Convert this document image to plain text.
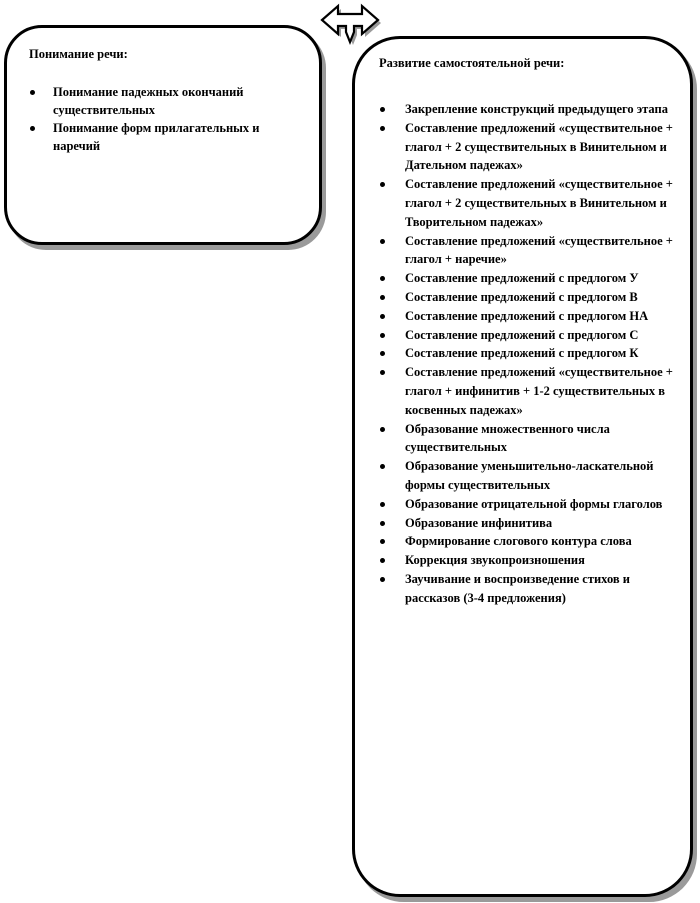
Понимание речи:
Понимание падежных окончаний существительных
Понимание форм прилагательных и наречий
Развитие самостоятельной речи:
Закрепление конструкций предыдущего этапа
Составление предложений «существительное + глагол + 2 существительных в Винительном и Дательном падежах»
Составление предложений «существительное + глагол + 2 существительных в Винительном и Творительном падежах»
Составление предложений «существительное + глагол + наречие»
Составление предложений с предлогом У
Составление предложений с предлогом В
Составление предложений с предлогом НА
Составление предложений с предлогом С
Составление предложений с предлогом К
Составление предложений «существительное + глагол + инфинитив + 1-2 существительных в косвенных падежах»
Образование множественного числа существительных
Образование уменьшительно-ласкательной формы существительных
Образование отрицательной формы глаголов
Образование инфинитива
Формирование слогового контура слова
Коррекция звукопроизношения
Заучивание и воспроизведение стихов и рассказов (3-4 предложения)
